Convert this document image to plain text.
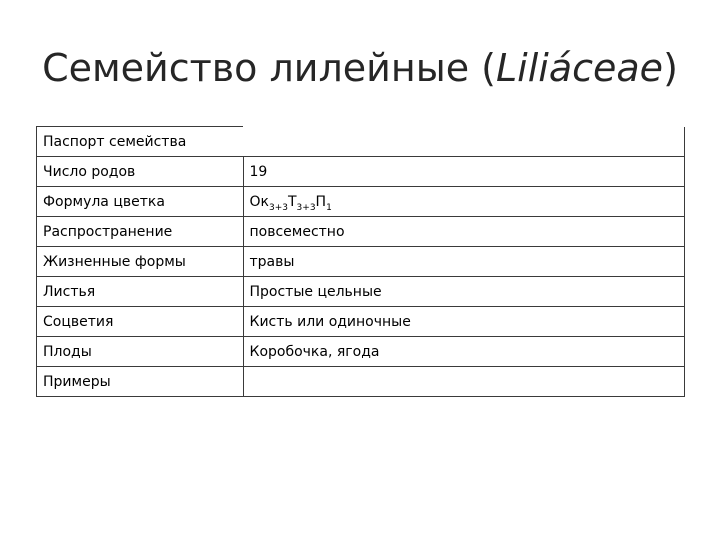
Семейство лилейные (Liliáceae)
Паспорт семейства	
Число родов	19
Формула цветка	$Ок_{3+3}Т_{3+3}П_1$
Распространение	повсеместно
Жизненные формы	травы
Листья	Простые цельные
Соцветия	Кисть или одиночные
Плоды	Коробочка, ягода
Примеры	
